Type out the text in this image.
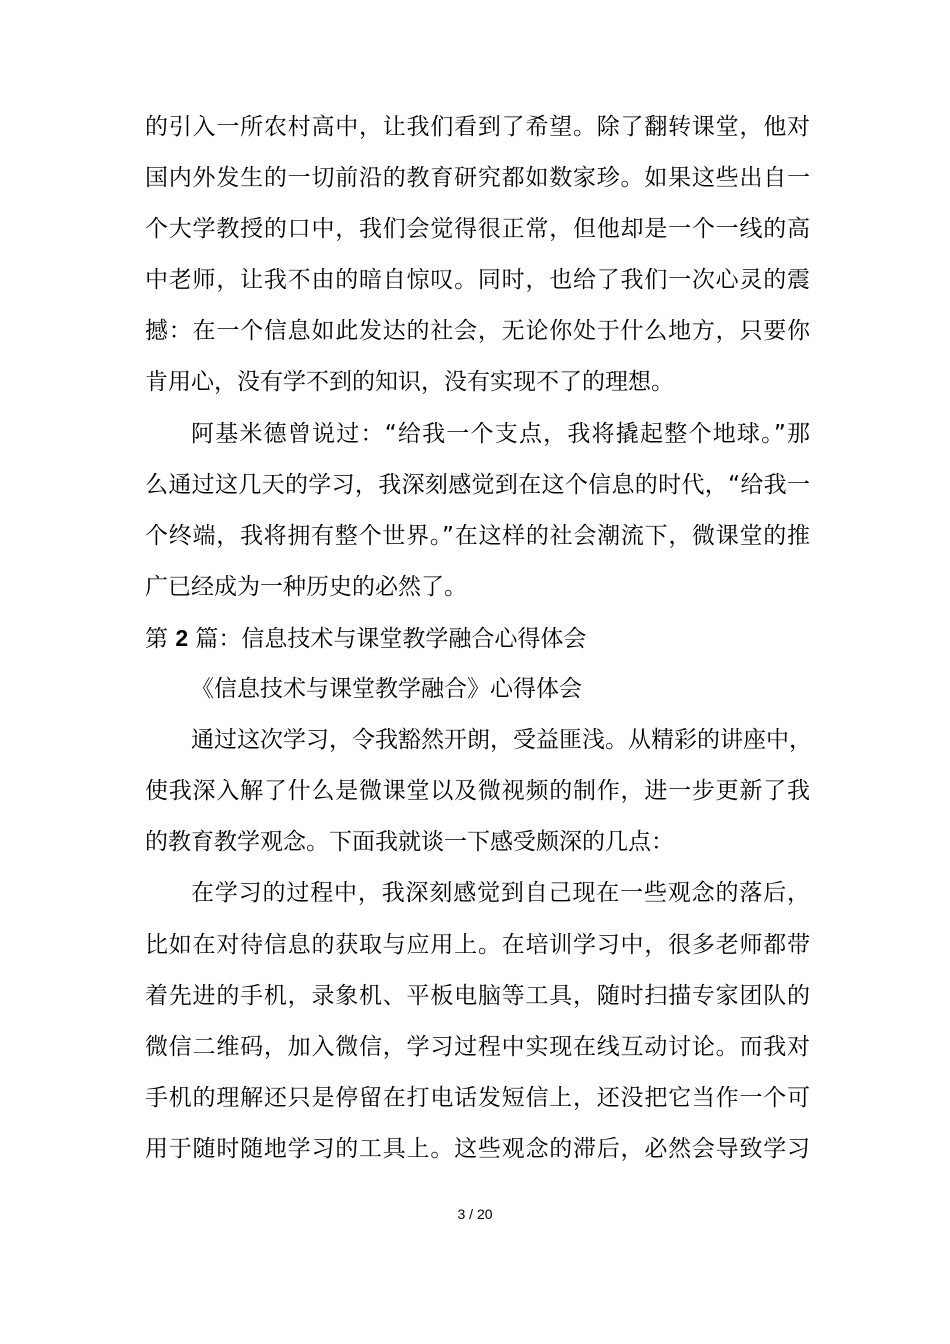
的引入一所农村高中，让我们看到了希望。除了翻转课堂，他对
国内外发生的一切前沿的教育研究都如数家珍。如果这些出自一
个大学教授的口中，我们会觉得很正常，但他却是一个一线的高
中老师，让我不由的暗自惊叹。同时，也给了我们一次心灵的震
撼：在一个信息如此发达的社会，无论你处于什么地方，只要你
肯用心，没有学不到的知识，没有实现不了的理想。
阿基米德曾说过：“给我一个支点，我将撬起整个地球。”那
么通过这几天的学习，我深刻感觉到在这个信息的时代，“给我一
个终端，我将拥有整个世界。”在这样的社会潮流下，微课堂的推
广已经成为一种历史的必然了。
第 2 篇：信息技术与课堂教学融合心得体会
《信息技术与课堂教学融合》心得体会
通过这次学习，令我豁然开朗，受益匪浅。从精彩的讲座中，
使我深入解了什么是微课堂以及微视频的制作，进一步更新了我
的教育教学观念。下面我就谈一下感受颇深的几点：
在学习的过程中，我深刻感觉到自己现在一些观念的落后，
比如在对待信息的获取与应用上。在培训学习中，很多老师都带
着先进的手机，录象机、平板电脑等工具，随时扫描专家团队的
微信二维码，加入微信，学习过程中实现在线互动讨论。而我对
手机的理解还只是停留在打电话发短信上，还没把它当作一个可
用于随时随地学习的工具上。这些观念的滞后，必然会导致学习
3 / 20
